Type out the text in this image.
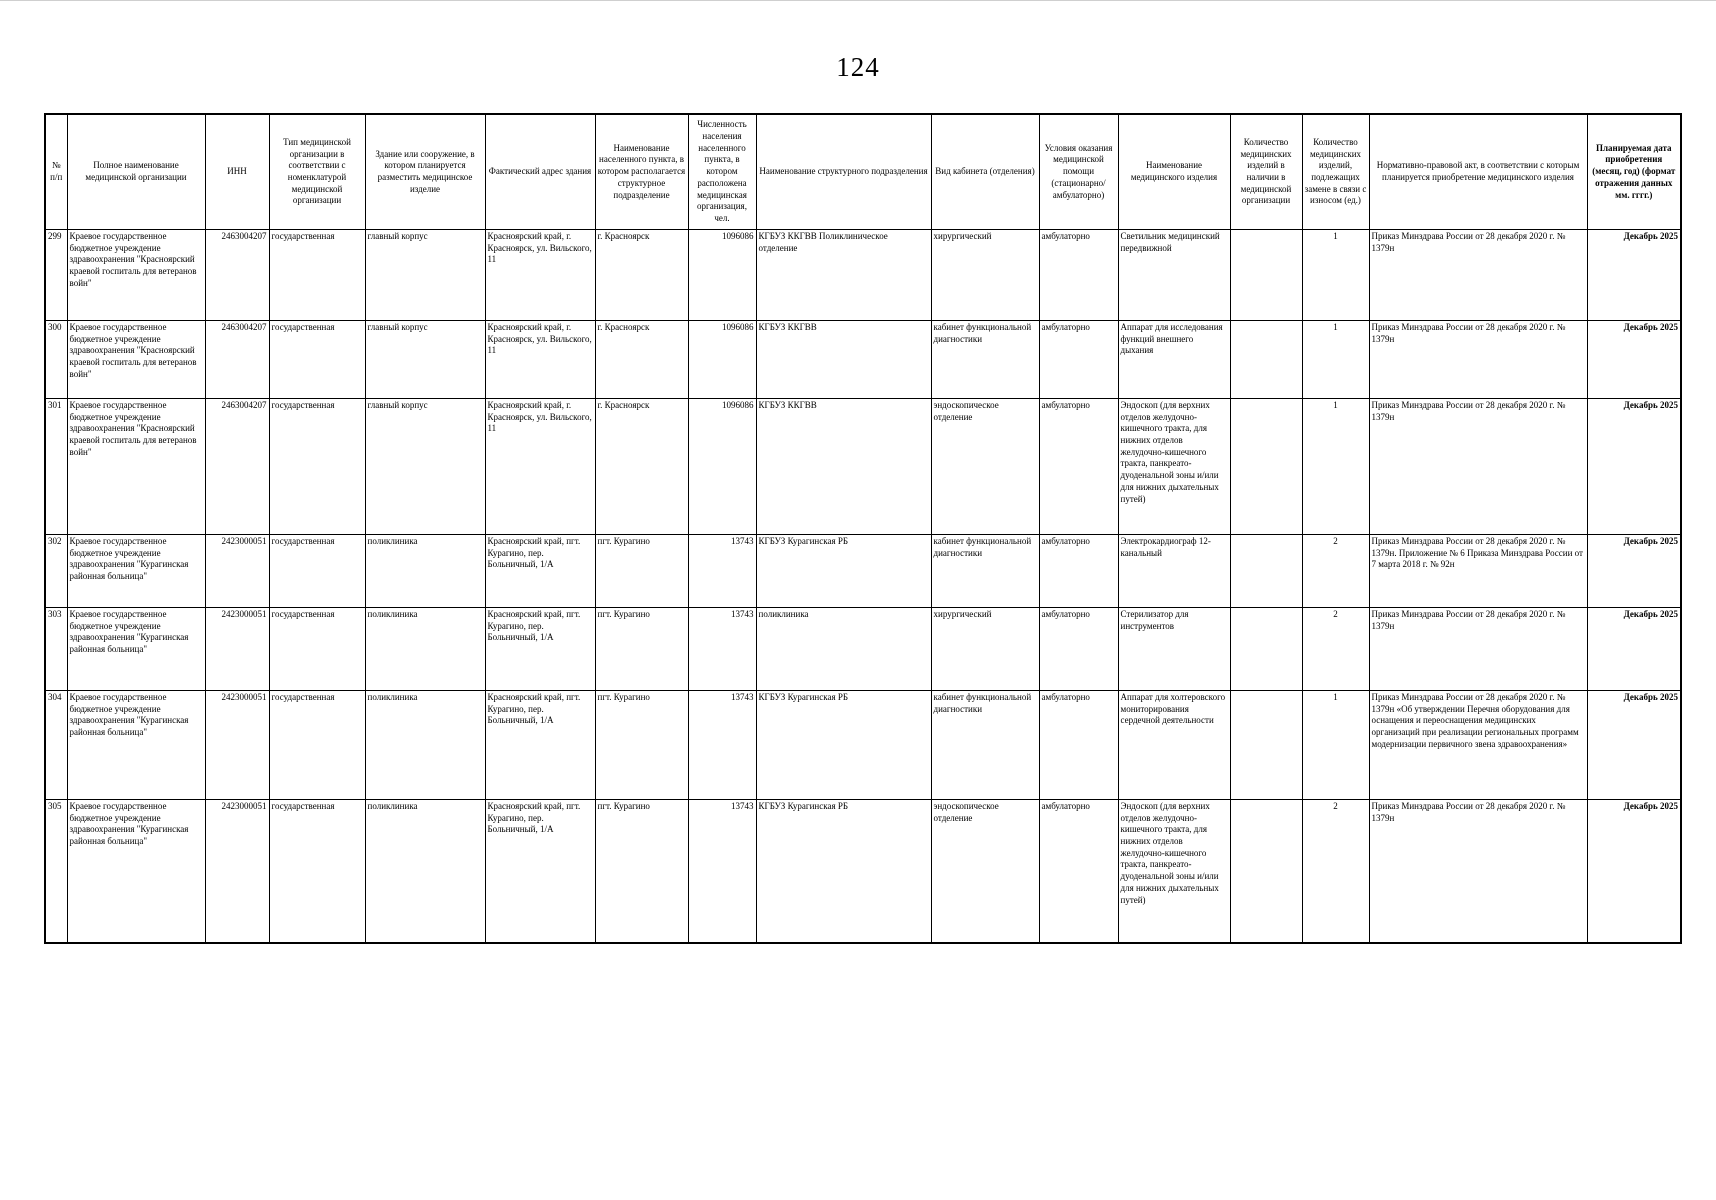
124
№ п/п	Полное наименование медицинской организации	ИНН	Тип медицинской организации в соответствии с номенклатурой медицинской организации	Здание или сооружение, в котором планируется разместить медицинское изделие	Фактический адрес здания	Наименование населенного пункта, в котором располагается структурное подразделение	Численность населения населенного пункта, в котором расположена медицинская организация, чел.	Наименование структурного подразделения	Вид кабинета (отделения)	Условия оказания медицинской помощи (стационарно/ амбулаторно)	Наименование медицинского изделия	Количество медицинских изделий в наличии в медицинской организации	Количество медицинских изделий, подлежащих замене в связи с износом (ед.)	Нормативно-правовой акт, в соответствии с которым планируется приобретение медицинского изделия	Планируемая дата приобретения (месяц, год) (формат отражения данных мм. гггг.)
299	Краевое государственное бюджетное учреждение здравоохранения "Красноярский краевой госпиталь для ветеранов войн"	2463004207	государственная	главный корпус	Красноярский край, г. Красноярск, ул. Вильского, 11	г. Красноярск	1096086	КГБУЗ ККГВВ Поликлиническое отделение	хирургический	амбулаторно	Светильник медицинский передвижной		1	Приказ Минздрава России от 28 декабря 2020 г. № 1379н	Декабрь 2025
300	Краевое государственное бюджетное учреждение здравоохранения "Красноярский краевой госпиталь для ветеранов войн"	2463004207	государственная	главный корпус	Красноярский край, г. Красноярск, ул. Вильского, 11	г. Красноярск	1096086	КГБУЗ ККГВВ	кабинет функциональной диагностики	амбулаторно	Аппарат для исследования функций внешнего дыхания		1	Приказ Минздрава России от 28 декабря 2020 г. № 1379н	Декабрь 2025
301	Краевое государственное бюджетное учреждение здравоохранения "Красноярский краевой госпиталь для ветеранов войн"	2463004207	государственная	главный корпус	Красноярский край, г. Красноярск, ул. Вильского, 11	г. Красноярск	1096086	КГБУЗ ККГВВ	эндоскопическое отделение	амбулаторно	Эндоскоп (для верхних отделов желудочно-кишечного тракта, для нижних отделов желудочно-кишечного тракта, панкреато-дуоденальной зоны и/или для нижних дыхательных путей)		1	Приказ Минздрава России от 28 декабря 2020 г. № 1379н	Декабрь 2025
302	Краевое государственное бюджетное учреждение здравоохранения "Курагинская районная больница"	2423000051	государственная	поликлиника	Красноярский край, пгт. Курагино, пер. Больничный, 1/А	пгт. Курагино	13743	КГБУЗ Курагинская РБ	кабинет функциональной диагностики	амбулаторно	Электрокардиограф 12-канальный		2	Приказ Минздрава России от 28 декабря 2020 г. № 1379н. Приложение № 6 Приказа Минздрава России от 7 марта 2018 г. № 92н	Декабрь 2025
303	Краевое государственное бюджетное учреждение здравоохранения "Курагинская районная больница"	2423000051	государственная	поликлиника	Красноярский край, пгт. Курагино, пер. Больничный, 1/А	пгт. Курагино	13743	поликлиника	хирургический	амбулаторно	Стерилизатор для инструментов		2	Приказ Минздрава России от 28 декабря 2020 г. № 1379н	Декабрь 2025
304	Краевое государственное бюджетное учреждение здравоохранения "Курагинская районная больница"	2423000051	государственная	поликлиника	Красноярский край, пгт. Курагино, пер. Больничный, 1/А	пгт. Курагино	13743	КГБУЗ Курагинская РБ	кабинет функциональной диагностики	амбулаторно	Аппарат для холтеровского мониторирования сердечной деятельности		1	Приказ Минздрава России от 28 декабря 2020 г. № 1379н «Об утверждении Перечня оборудования для оснащения и переоснащения медицинских организаций при реализации региональных программ модернизации первичного звена здравоохранения»	Декабрь 2025
305	Краевое государственное бюджетное учреждение здравоохранения "Курагинская районная больница"	2423000051	государственная	поликлиника	Красноярский край, пгт. Курагино, пер. Больничный, 1/А	пгт. Курагино	13743	КГБУЗ Курагинская РБ	эндоскопическое отделение	амбулаторно	Эндоскоп (для верхних отделов желудочно-кишечного тракта, для нижних отделов желудочно-кишечного тракта, панкреато-дуоденальной зоны и/или для нижних дыхательных путей)		2	Приказ Минздрава России от 28 декабря 2020 г. № 1379н	Декабрь 2025
